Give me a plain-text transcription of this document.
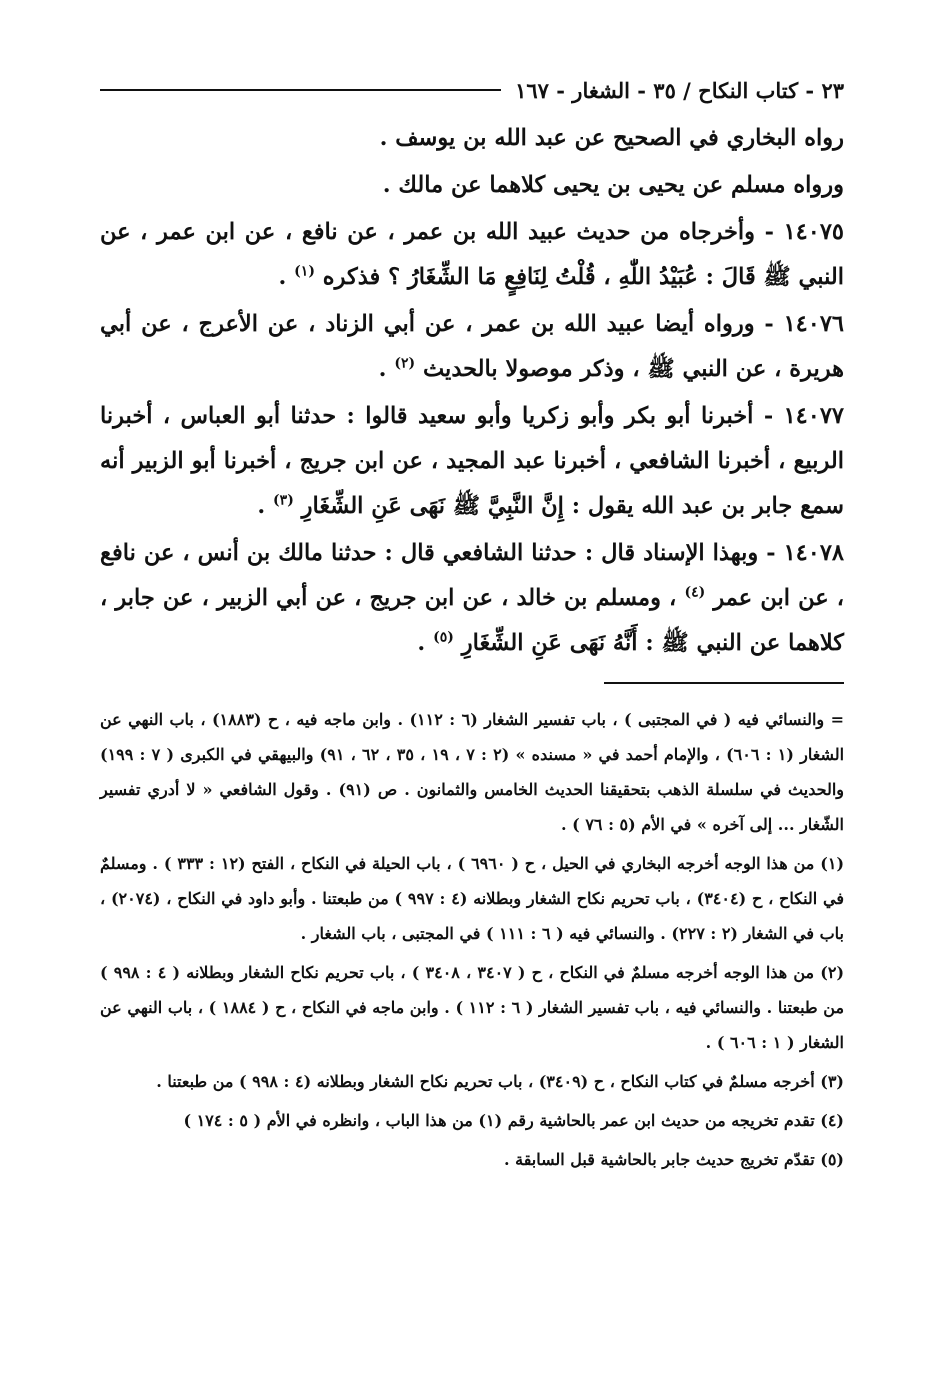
٢٣ - كتاب النكاح / ٣٥ - الشغار - ١٦٧

رواه البخاري في الصحيح عن عبد الله بن يوسف .

ورواه مسلم عن يحيى بن يحيى كلاهما عن مالك .

١٤٠٧٥ - وأخرجاه من حديث عبيد الله بن عمر ، عن نافع ، عن ابن عمر ، عن النبي ﷺ قَالَ : عُبَيْدُ اللّٰهِ ، قُلْتُ لِنَافِعٍ مَا الشِّغَارُ ؟ فذكره $^{(١)}$ .

١٤٠٧٦ - ورواه أيضا عبيد الله بن عمر ، عن أبي الزناد ، عن الأعرج ، عن أبي هريرة ، عن النبي ﷺ ، وذكر موصولا بالحديث $^{(٢)}$ .

١٤٠٧٧ - أخبرنا أبو بكر وأبو زكريا وأبو سعيد قالوا : حدثنا أبو العباس ، أخبرنا الربيع ، أخبرنا الشافعي ، أخبرنا عبد المجيد ، عن ابن جريج ، أخبرنا أبو الزبير أنه سمع جابر بن عبد الله يقول : إِنَّ النَّبِيَّ ﷺ نَهَى عَنِ الشِّغَارِ $^{(٣)}$ .

١٤٠٧٨ - وبهذا الإسناد قال : حدثنا الشافعي قال : حدثنا مالك بن أنس ، عن نافع ، عن ابن عمر $^{(٤)}$ ، ومسلم بن خالد ، عن ابن جريج ، عن أبي الزبير ، عن جابر ، كلاهما عن النبي ﷺ : أَنَّهُ نَهَى عَنِ الشِّغَارِ $^{(٥)}$ .

= والنسائي فيه ( في المجتبى ) ، باب تفسير الشغار (٦ : ١١٢) . وابن ماجه فيه ، ح (١٨٨٣) ، باب النهي عن الشغار (١ : ٦٠٦) ، والإمام أحمد في « مسنده » (٢ : ٧ ، ١٩ ، ٣٥ ، ٦٢ ، ٩١) والبيهقي في الكبرى ( ٧ : ١٩٩) والحديث في سلسلة الذهب بتحقيقنا الحديث الخامس والثمانون . ص (٩١) . وقول الشافعي « لا أدري تفسير الشّغار ... إلى آخره » في الأم (٥ : ٧٦ ) .

(١) من هذا الوجه أخرجه البخاري في الحيل ، ح ( ٦٩٦٠ ) ، باب الحيلة في النكاح ، الفتح (١٢ : ٣٣٣ ) . ومسلمٌ في النكاح ، ح (٣٤٠٤) ، باب تحريم نكاح الشغار وبطلانه (٤ : ٩٩٧ ) من طبعتنا . وأبو داود في النكاح ، (٢٠٧٤) ، باب في الشغار (٢ : ٢٢٧) . والنسائي فيه ( ٦ : ١١١ ) في المجتبى ، باب الشغار .

(٢) من هذا الوجه أخرجه مسلمٌ في النكاح ، ح ( ٣٤٠٧ ، ٣٤٠٨ ) ، باب تحريم نكاح الشغار وبطلانه ( ٤ : ٩٩٨ ) من طبعتنا . والنسائي فيه ، باب تفسير الشغار ( ٦ : ١١٢ ) . وابن ماجه في النكاح ، ح ( ١٨٨٤ ) ، باب النهي عن الشغار ( ١ : ٦٠٦ ) .

(٣) أخرجه مسلمٌ في كتاب النكاح ، ح (٣٤٠٩) ، باب تحريم نكاح الشغار وبطلانه (٤ : ٩٩٨ ) من طبعتنا .

(٤) تقدم تخريجه من حديث ابن عمر بالحاشية رقم (١) من هذا الباب ، وانظره في الأم ( ٥ : ١٧٤ )

(٥) تقدّم تخريج حديث جابر بالحاشية قبل السابقة .
